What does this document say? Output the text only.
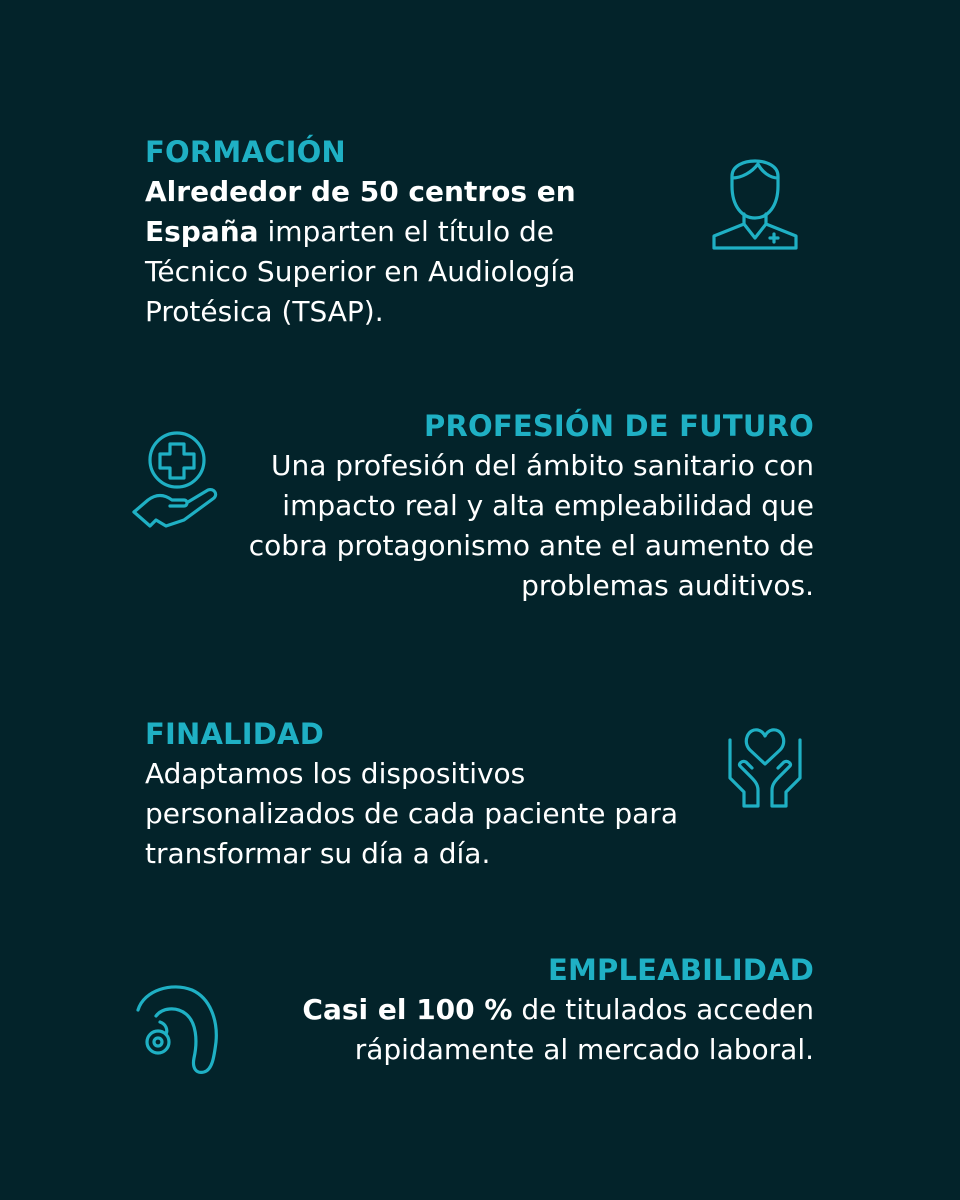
FORMACIÓN
Alrededor de 50 centros en España imparten el título de Técnico Superior en Audiología Protésica (TSAP).
PROFESIÓN DE FUTURO
Una profesión del ámbito sanitario con impacto real y alta empleabilidad que cobra protagonismo ante el aumento de problemas auditivos.
FINALIDAD
Adaptamos los dispositivos personalizados de cada paciente para transformar su día a día.
EMPLEABILIDAD
Casi el 100 % de titulados acceden rápidamente al mercado laboral.
